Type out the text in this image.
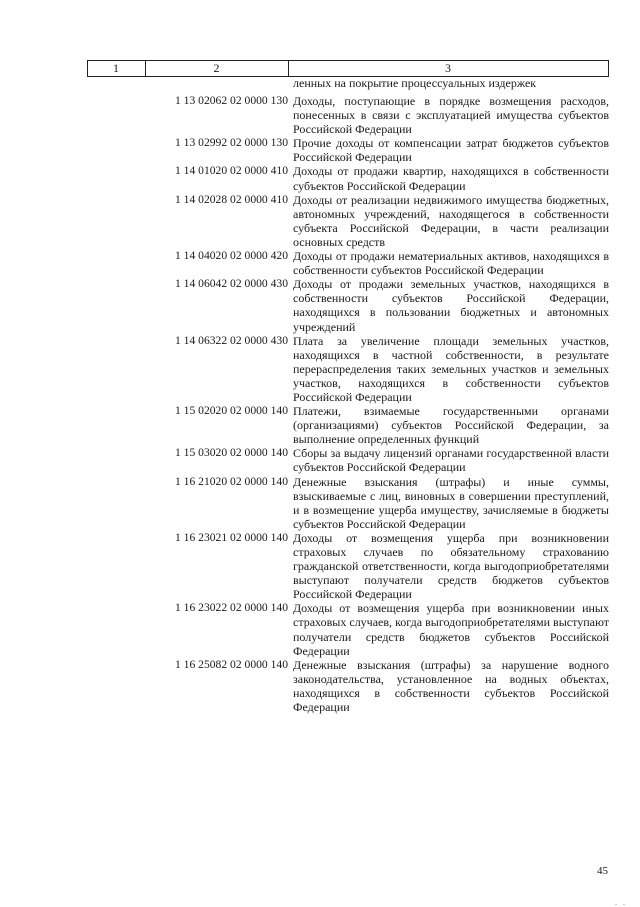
1	2	3
ленных на покрытие процессуальных издержек
1 13 02062 02 0000 130 Доходы, поступающие в порядке возмещения расходов, понесенных в связи с эксплуатацией имущества субъектов Российской Федерации
1 13 02992 02 0000 130 Прочие доходы от компенсации затрат бюджетов субъектов Российской Федерации
1 14 01020 02 0000 410 Доходы от продажи квартир, находящихся в собственности субъектов Российской Федерации
1 14 02028 02 0000 410 Доходы от реализации недвижимого имущества бюджетных, автономных учреждений, находящегося в собственности субъекта Российской Федерации, в части реализации основных средств
1 14 04020 02 0000 420 Доходы от продажи нематериальных активов, находящихся в собственности субъектов Российской Федерации
1 14 06042 02 0000 430 Доходы от продажи земельных участков, находящихся в собственности субъектов Российской Федерации, находящихся в пользовании бюджетных и автономных учреждений
1 14 06322 02 0000 430 Плата за увеличение площади земельных участков, находящихся в частной собственности, в результате перераспределения таких земельных участков и земельных участков, находящихся в собственности субъектов Российской Федерации
1 15 02020 02 0000 140 Платежи, взимаемые государственными органами (организациями) субъектов Российской Федерации, за выполнение определенных функций
1 15 03020 02 0000 140 Сборы за выдачу лицензий органами государственной власти субъектов Российской Федерации
1 16 21020 02 0000 140 Денежные взыскания (штрафы) и иные суммы, взыскиваемые с лиц, виновных в совершении преступлений, и в возмещение ущерба имуществу, зачисляемые в бюджеты субъектов Российской Федерации
1 16 23021 02 0000 140 Доходы от возмещения ущерба при возникновении страховых случаев по обязательному страхованию гражданской ответственности, когда выгодоприобретателями выступают получатели средств бюджетов субъектов Российской Федерации
1 16 23022 02 0000 140 Доходы от возмещения ущерба при возникновении иных страховых случаев, когда выгодоприобретателями выступают получатели средств бюджетов субъектов Российской Федерации
1 16 25082 02 0000 140 Денежные взыскания (штрафы) за нарушение водного законодательства, установленное на водных объектах, находящихся в собственности субъектов Российской Федерации
45
. .
